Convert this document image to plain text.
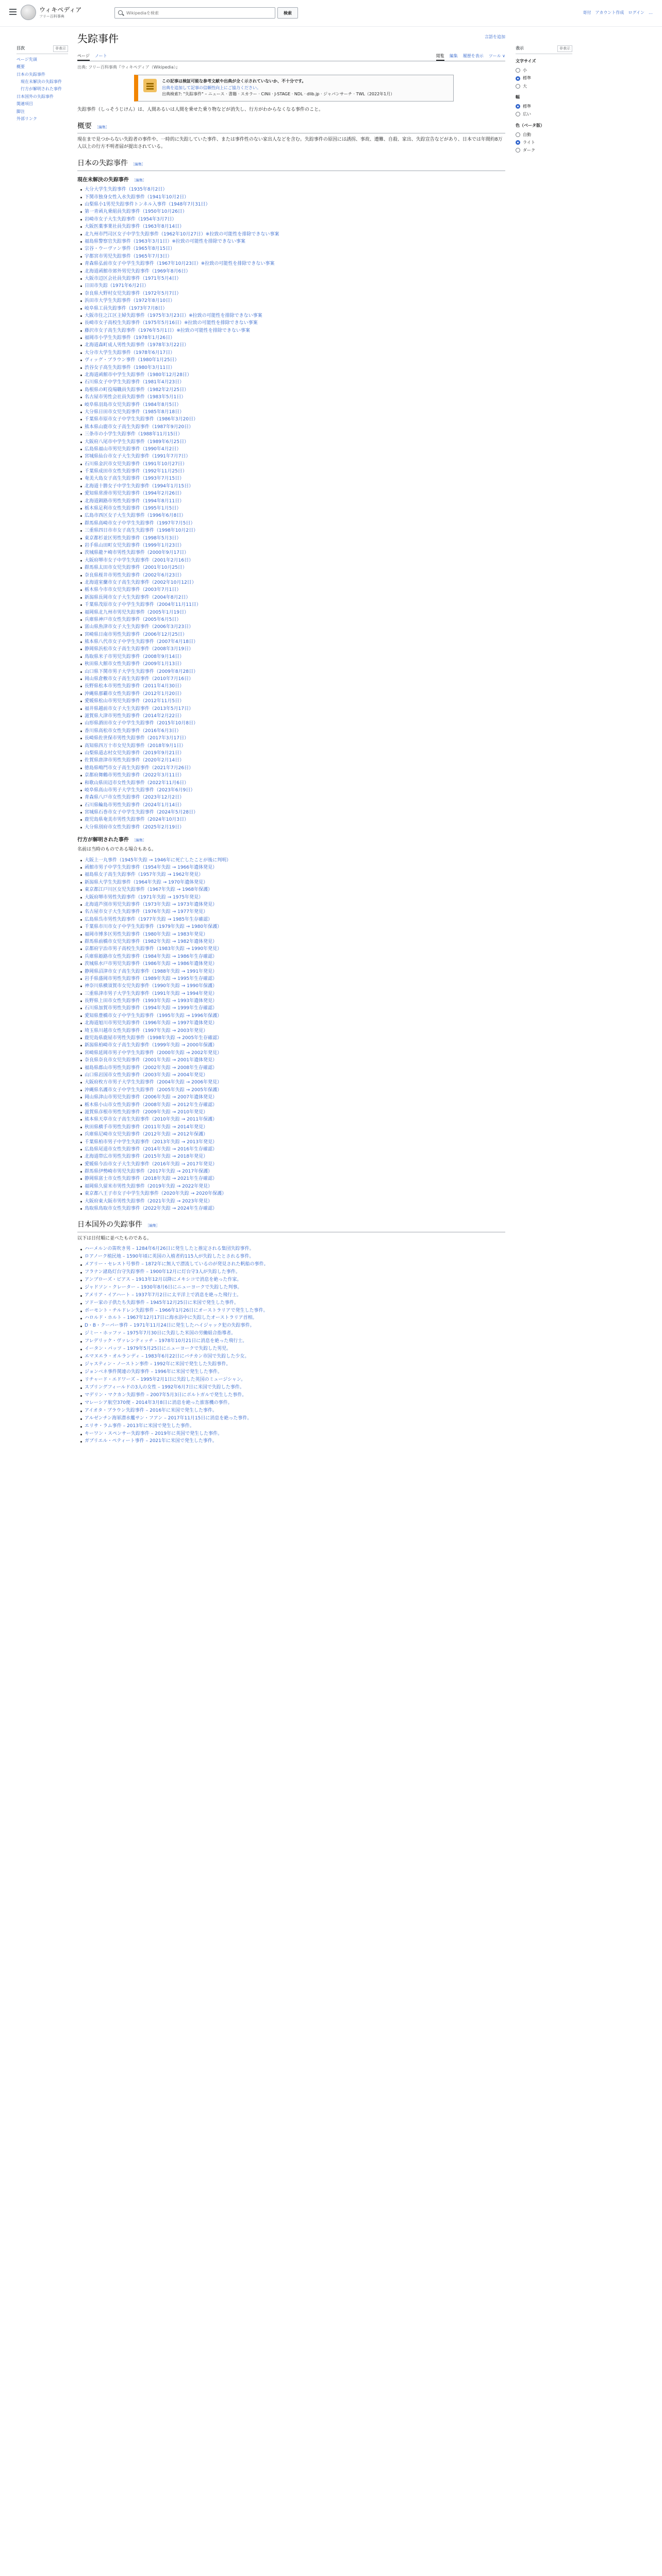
ウィキペディア
フリー百科事典
Wikipediaを検索
検索	寄付 アカウント作成 ログイン …
目次	非表示
ページ先頭
概要
日本の失踪事件
現在未解決の失踪事件
行方が解明された事件
日本国外の失踪事件
関連項目
脚注
外部リンク
失踪事件	言語を追加
ページ ノート	閲覧 編集 履歴を表示 ツール ∨
出典: フリー百科事典『ウィキペディア（Wikipedia）』
この記事は検証可能な参考文献や出典が全く示されていないか、不十分です。
出典を追加して記事の信頼性向上にご協力ください。
出典検索?: "失踪事件" – ニュース · 書籍 · スカラー · CiNii · J-STAGE · NDL · dlib.jp · ジャパンサーチ · TWL（2022年1月）

失踪事件（しっそうじけん）は、人間あるいは人間を乗せた乗り物などが消失し、行方がわからなくなる事件のこと。

概要 ［編集］

現在まで見つからない失踪者の事件や、一時的に失踪していた事件、または事件性のない家出人などを含む。失踪事件の原因には誘拐、事故、遭難、自殺、家出、失踪宣告などがあり、日本では年間約8万人以上の行方不明者届が提出されている。

日本の失踪事件 ［編集］
現在未解決の失踪事件 ［編集］
大分大学生失踪事件（1935年8月2日）
下関市独身女性入水失踪事件（1941年10月2日）
山梨県小1男児失踪事件トンネル入事件（1948年7月31日）
第一青函丸乗組員失踪事件（1950年10月26日）
岩崎市女子大生失踪事件（1954年3月7日）
大阪医薬事業社員失踪事件（1963年8月14日）
北九州市門司区女子中学生失踪事件（1962年10月27日）※拉致の可能性を排除できない事案
福島県警察官失踪事件（1963年3月1日）※拉致の可能性を排除できない事案
宗谷・ウーヴァン事件（1965年8月15日）
宇都宮市男児失踪事件（1965年7月3日）
青森県弘前市女子中学生失踪事件（1967年10月23日）※拉致の可能性を排除できない事案
北海道函館市郊外男児失踪事件（1969年8月6日）
大阪市辺区会社員失踪事件（1971年5月4日）
日田市失踪（1971年6月2日）
奈良県大野村女児失踪事件（1972年5月7日）
浜田市大学生失踪事件（1972年8月10日）
岐阜県工員失踪事件（1973年7月8日）
大阪市住之江区主婦失踪事件（1975年3月23日）※拉致の可能性を排除できない事案
長崎市女子高校生失踪事件（1975年5月16日）※拉致の可能性を排除できない事案
藤沢市女子高生失踪事件（1976年5月1日）※拉致の可能性を排除できない事案
福岡市小学生失踪事件（1978年1月26日）
北海道森町成人男性失踪事件（1978年3月22日）
大分市大学生失踪事件（1978年6月17日）
ヴィッグ・ブラウン事件（1980年1月25日）
渋谷女子高生失踪事件（1980年3月11日）
北海道函館市中学生失踪事件（1980年12月28日）
石川県女子中学生失踪事件（1981年4月23日）
島根県の町役場職員失踪事件（1982年2月25日）
名古屋市男性会社員失踪事件（1983年5月1日）
岐阜県羽島市女児失踪事件（1984年8月5日）
大分県日田市女児失踪事件（1985年8月18日）
千葉県市原市女子中学生失踪事件（1986年3月20日）
熊本県山鹿市女子高生失踪事件（1987年9月20日）
三条市の小学生失踪事件（1988年11月15日）
大阪府八尾市中学生失踪事件（1989年6月25日）
広島県福山市男児失踪事件（1990年4月2日）
宮城県仙台市女子大生失踪事件（1991年7月7日）
石川県金沢市女児失踪事件（1991年10月27日）
千葉県成田市女性失踪事件（1992年11月25日）
奄美大島女子高生失踪事件（1993年7月15日）
北海道十勝女子中学生失踪事件（1994年1月15日）
愛知県常滑市男児失踪事件（1994年2月26日）
北海道釧路市男性失踪事件（1994年8月11日）
栃木県足利市女性失踪事件（1995年1月5日）
広島市西区女子大生失踪事件（1996年6月8日）
群馬県高崎市女子中学生失踪事件（1997年7月5日）
三重県四日市市女子高生失踪事件（1998年10月2日）
東京都杉並区男性失踪事件（1998年5月3日）
岩手県山田町女児失踪事件（1999年1月23日）
茨城県龍ケ崎市男性失踪事件（2000年9月17日）
大阪府堺市女子中学生失踪事件（2001年2月16日）
群馬県太田市女児失踪事件（2001年10月25日）
奈良県桜井市男性失踪事件（2002年6月23日）
北海道室蘭市女子高生失踪事件（2002年10月12日）
栃木県今市市女児失踪事件（2003年7月1日）
新潟県長岡市女子大生失踪事件（2004年8月2日）
千葉県茂原市女子中学生失踪事件（2004年11月11日）
福岡県北九州市男児失踪事件（2005年1月19日）
兵庫県神戸市女性失踪事件（2005年6月5日）
富山県魚津市女子大生失踪事件（2006年3月23日）
宮崎県日南市男性失踪事件（2006年12月25日）
熊本県八代市女子中学生失踪事件（2007年4月18日）
静岡県浜松市女子高生失踪事件（2008年3月19日）
鳥取県米子市男児失踪事件（2008年9月14日）
秋田県大館市女性失踪事件（2009年1月13日）
山口県下関市男子大学生失踪事件（2009年8月28日）
岡山県倉敷市女子高生失踪事件（2010年7月16日）
長野県松本市男性失踪事件（2011年4月30日）
沖縄県那覇市女性失踪事件（2012年1月20日）
愛媛県松山市男児失踪事件（2012年11月5日）
福井県越前市女子大生失踪事件（2013年5月17日）
滋賀県大津市男性失踪事件（2014年2月22日）
山形県酒田市女子中学生失踪事件（2015年10月8日）
香川県高松市女性失踪事件（2016年6月3日）
長崎県佐世保市男性失踪事件（2017年3月17日）
高知県四万十市女児失踪事件（2018年9月1日）
山梨県道志村女児失踪事件（2019年9月21日）
佐賀県唐津市男性失踪事件（2020年2月14日）
徳島県鳴門市女子高生失踪事件（2021年7月26日）
京都府舞鶴市男性失踪事件（2022年3月11日）
和歌山県田辺市女性失踪事件（2022年11月6日）
岐阜県高山市男子大学生失踪事件（2023年6月9日）
青森県八戸市女性失踪事件（2023年12月2日）
石川県輪島市男性失踪事件（2024年1月14日）
宮城県石巻市女子中学生失踪事件（2024年5月28日）
鹿児島県奄美市男性失踪事件（2024年10月3日）
大分県別府市女性失踪事件（2025年2月19日）
行方が解明された事件 ［編集］

名前は当時のものである場合もある。

大阪上一丸事件（1945年失踪 → 1946年に死亡したことが後に判明）
函館市男子中学生失踪事件（1954年失踪 → 1966年遺体発見）
福島県女子高生失踪事件（1957年失踪 → 1962年発見）
新潟県大学生失踪事件（1964年失踪 → 1970年遺体発見）
東京都江戸川区女児失踪事件（1967年失踪 → 1968年保護）
大阪府堺市男性失踪事件（1971年失踪 → 1975年発見）
北海道芦別市男児失踪事件（1973年失踪 → 1973年遺体発見）
名古屋市女子大生失踪事件（1976年失踪 → 1977年発見）
広島県呉市男性失踪事件（1977年失踪 → 1985年生存確認）
千葉県市川市女子中学生失踪事件（1979年失踪 → 1980年保護）
福岡市博多区男性失踪事件（1980年失踪 → 1983年発見）
群馬県前橋市女児失踪事件（1982年失踪 → 1982年遺体発見）
京都府宇治市男子高校生失踪事件（1983年失踪 → 1990年発見）
兵庫県姫路市女性失踪事件（1984年失踪 → 1986年生存確認）
茨城県水戸市男児失踪事件（1986年失踪 → 1986年遺体発見）
静岡県沼津市女子高生失踪事件（1988年失踪 → 1991年発見）
岩手県盛岡市男性失踪事件（1989年失踪 → 1995年生存確認）
神奈川県横須賀市女児失踪事件（1990年失踪 → 1990年保護）
三重県津市男子大学生失踪事件（1991年失踪 → 1994年発見）
長野県上田市女性失踪事件（1993年失踪 → 1993年遺体発見）
石川県加賀市男性失踪事件（1994年失踪 → 1999年生存確認）
愛知県豊橋市女子中学生失踪事件（1995年失踪 → 1996年保護）
北海道旭川市男児失踪事件（1996年失踪 → 1997年遺体発見）
埼玉県川越市女性失踪事件（1997年失踪 → 2003年発見）
鹿児島県鹿屋市男性失踪事件（1998年失踪 → 2005年生存確認）
新潟県柏崎市女子高生失踪事件（1999年失踪 → 2000年保護）
宮崎県延岡市男子中学生失踪事件（2000年失踪 → 2002年発見）
奈良県奈良市女児失踪事件（2001年失踪 → 2001年遺体発見）
福島県郡山市男性失踪事件（2002年失踪 → 2008年生存確認）
山口県岩国市女性失踪事件（2003年失踪 → 2004年発見）
大阪府枚方市男子大学生失踪事件（2004年失踪 → 2006年発見）
沖縄県名護市女子中学生失踪事件（2005年失踪 → 2005年保護）
岡山県津山市男児失踪事件（2006年失踪 → 2007年遺体発見）
栃木県小山市女性失踪事件（2008年失踪 → 2012年生存確認）
滋賀県彦根市男性失踪事件（2009年失踪 → 2010年発見）
熊本県天草市女子高生失踪事件（2010年失踪 → 2011年保護）
秋田県横手市男性失踪事件（2011年失踪 → 2014年発見）
兵庫県尼崎市女児失踪事件（2012年失踪 → 2012年保護）
千葉県柏市男子中学生失踪事件（2013年失踪 → 2013年発見）
広島県尾道市女性失踪事件（2014年失踪 → 2016年生存確認）
北海道帯広市男性失踪事件（2015年失踪 → 2018年発見）
愛媛県今治市女子大生失踪事件（2016年失踪 → 2017年発見）
群馬県伊勢崎市男児失踪事件（2017年失踪 → 2017年保護）
静岡県富士市女性失踪事件（2018年失踪 → 2021年生存確認）
福岡県久留米市男性失踪事件（2019年失踪 → 2022年発見）
東京都八王子市女子中学生失踪事件（2020年失踪 → 2020年保護）
大阪府東大阪市男性失踪事件（2021年失踪 → 2023年発見）
鳥取県鳥取市女性失踪事件（2022年失踪 → 2024年生存確認）
日本国外の失踪事件 ［編集］

以下は日付順に並べたものである。

ハーメルンの笛吹き男 – 1284年6月26日に発生したと推定される集団失踪事件。
ロアノーク植民地 – 1590年頃に英国の入植者約115人が失踪したとされる事件。
メアリー・セレスト号事件 – 1872年に無人で漂流しているのが発見された帆船の事件。
フラナン諸島灯台守失踪事件 – 1900年12月に灯台守3人が失踪した事件。
アンブローズ・ビアス – 1913年12月以降にメキシコで消息を絶った作家。
ジャドソン・クレーター – 1930年8月6日にニューヨークで失踪した判事。
アメリア・イアハート – 1937年7月2日に太平洋上で消息を絶った飛行士。
ソドー家の子供たち失踪事件 – 1945年12月25日に米国で発生した事件。
ボーモント・チルドレン失踪事件 – 1966年1月26日にオーストラリアで発生した事件。
ハロルド・ホルト – 1967年12月17日に海水浴中に失踪したオーストラリア首相。
D・B・クーパー事件 – 1971年11月24日に発生したハイジャック犯の失踪事件。
ジミー・ホッファ – 1975年7月30日に失踪した米国の労働組合指導者。
フレデリック・ヴァレンティッチ – 1978年10月21日に消息を絶った飛行士。
イータン・パッツ – 1979年5月25日にニューヨークで失踪した男児。
エマヌエラ・オルランディ – 1983年6月22日にバチカン市国で失踪した少女。
ジャスティン・ノーストン事件 – 1992年に米国で発生した失踪事件。
ジョンベネ事件関連の失踪事件 – 1996年に米国で発生した事件。
リチャード・エドワーズ – 1995年2月1日に失踪した英国のミュージシャン。
スプリングフィールドの3人の女性 – 1992年6月7日に米国で失踪した事件。
マデリン・マクカン失踪事件 – 2007年5月3日にポルトガルで発生した事件。
マレーシア航空370便 – 2014年3月8日に消息を絶った旅客機の事件。
アイオタ・ブラウン失踪事件 – 2016年に米国で発生した事件。
アルゼンチン海軍潜水艦サン・フアン – 2017年11月15日に消息を絶った事件。
エリサ・ラム事件 – 2013年に米国で発生した事件。
キーワン・スペンサー失踪事件 – 2019年に英国で発生した事件。
ガブリエル・ペティート事件 – 2021年に米国で発生した事件。
表示	非表示
文字サイズ
小
標準
大
幅
標準
広い
色（ベータ版）
自動
ライト
ダーク
